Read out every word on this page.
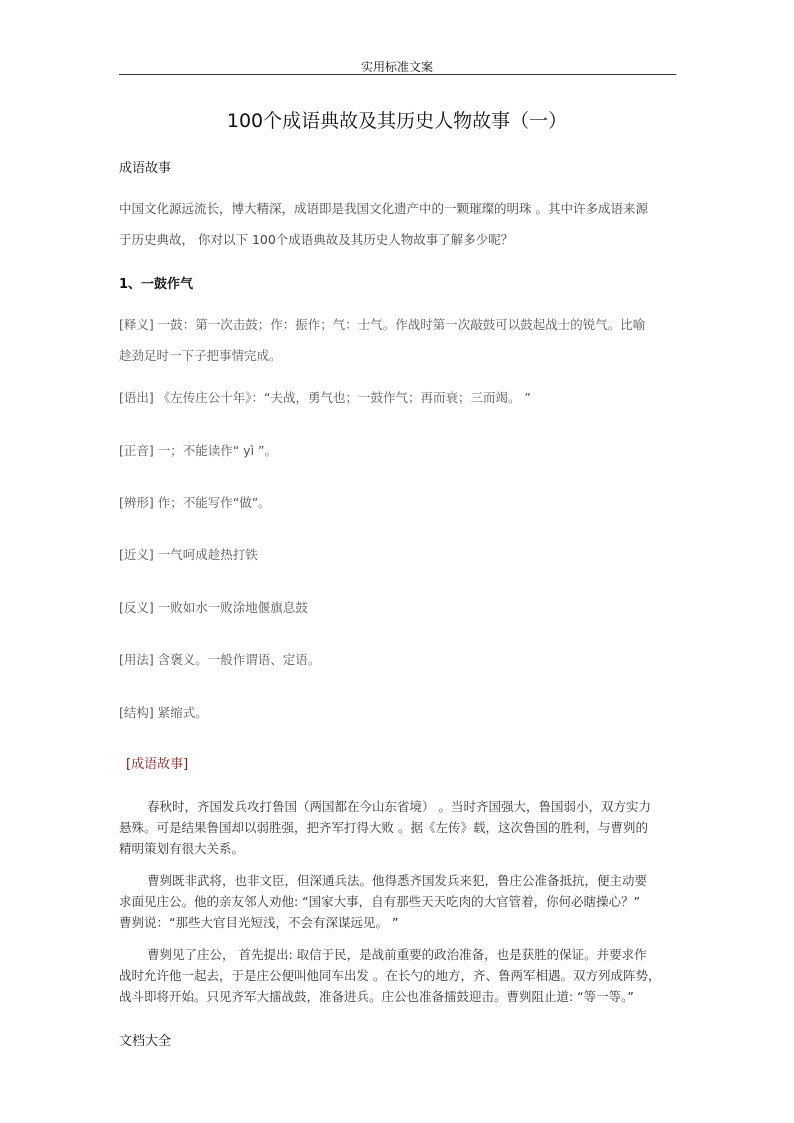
实用标准文案
100个成语典故及其历史人物故事（一）
成语故事
中国文化源远流长，博大精深，成语即是我国文化遗产中的一颗璀璨的明珠 。其中许多成语来源
于历史典故， 你对以下 100个成语典故及其历史人物故事了解多少呢？
1、一鼓作气
[释义] 一鼓：第一次击鼓；作：振作；气：士气。作战时第一次敲鼓可以鼓起战士的锐气。比喻
趁劲足时一下子把事情完成。
[语出] 《左传庄公十年》：“夫战，勇气也；一鼓作气；再而衰；三而竭。 ”
[正音] 一；不能读作“ yì ”。
[辨形] 作；不能写作“做”。
[近义] 一气呵成趁热打铁
[反义] 一败如水一败涂地偃旗息鼓
[用法] 含褒义。一般作谓语、定语。
[结构] 紧缩式。
[成语故事]
春秋时，齐国发兵攻打鲁国（两国都在今山东省境） 。当时齐国强大，鲁国弱小，双方实力
悬殊。可是结果鲁国却以弱胜强，把齐军打得大败 。据《左传》载，这次鲁国的胜利，与曹刿的
精明策划有很大关系。
曹刿既非武将，也非文臣，但深通兵法。他得悉齐国发兵来犯，鲁庄公准备抵抗，便主动要
求面见庄公。他的亲友邻人劝他: “国家大事，自有那些天天吃肉的大官管着，你何必瞎操心？”
曹刿说：“那些大官目光短浅，不会有深谋远见。 ”
曹刿见了庄公， 首先提出: 取信于民，是战前重要的政治准备，也是获胜的保证。并要求作
战时允许他一起去，于是庄公便叫他同车出发 。在长勺的地方，齐、鲁两军相遇。双方列成阵势，
战斗即将开始。只见齐军大擂战鼓，准备进兵。庄公也准备擂鼓迎击。曹刿阻止道: “等一等。”
文档大全
